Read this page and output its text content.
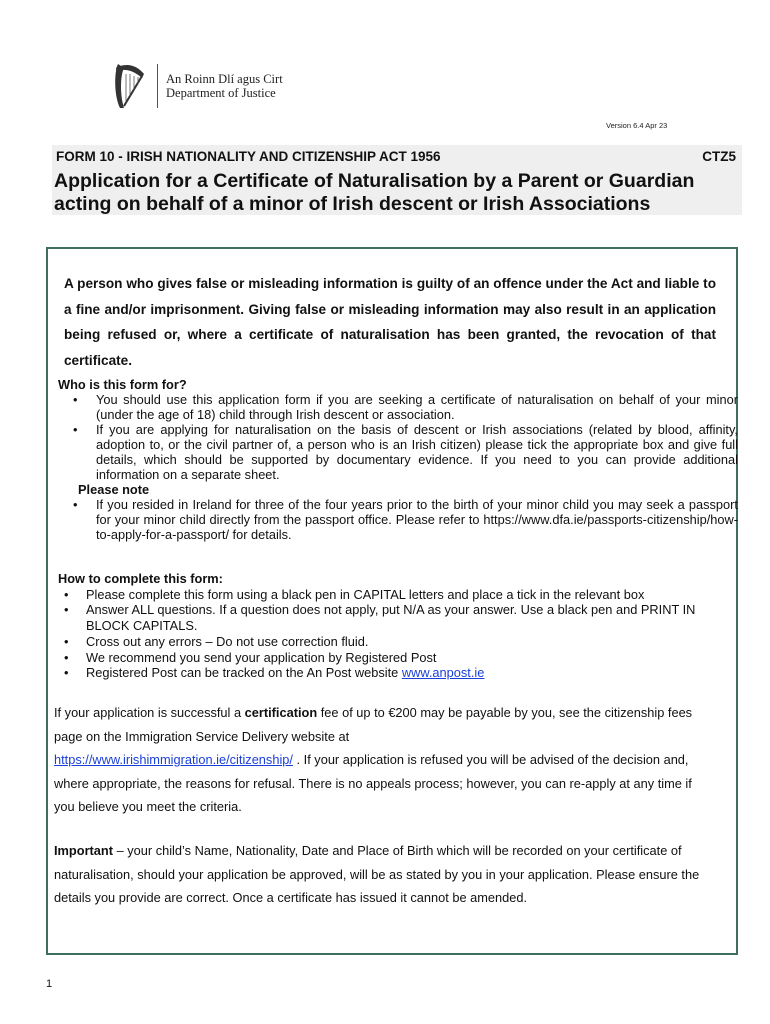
An Roinn Dlí agus Cirt
Department of Justice
Version 6.4 Apr 23
FORM 10 - IRISH NATIONALITY AND CITIZENSHIP ACT 1956	CTZ5
Application for a Certificate of Naturalisation by a Parent or Guardian acting on behalf of a minor of Irish descent or Irish Associations
A person who gives false or misleading information is guilty of an offence under the Act and liable to a fine and/or imprisonment. Giving false or misleading information may also result in an application being refused or, where a certificate of naturalisation has been granted, the revocation of that certificate.
Who is this form for?
• You should use this application form if you are seeking a certificate of naturalisation on behalf of your minor (under the age of 18) child through Irish descent or association.
• If you are applying for naturalisation on the basis of descent or Irish associations (related by blood, affinity, adoption to, or the civil partner of, a person who is an Irish citizen) please tick the appropriate box and give full details, which should be supported by documentary evidence. If you need to you can provide additional information on a separate sheet.
Please note
• If you resided in Ireland for three of the four years prior to the birth of your minor child you may seek a passport for your minor child directly from the passport office. Please refer to https://www.dfa.ie/passports-citizenship/how-to-apply-for-a-passport/ for details.
How to complete this form:
• Please complete this form using a black pen in CAPITAL letters and place a tick in the relevant box
• Answer ALL questions. If a question does not apply, put N/A as your answer. Use a black pen and PRINT IN BLOCK CAPITALS.
• Cross out any errors – Do not use correction fluid.
• We recommend you send your application by Registered Post
• Registered Post can be tracked on the An Post website www.anpost.ie
If your application is successful a certification fee of up to €200 may be payable by you, see the citizenship fees page on the Immigration Service Delivery website at
https://www.irishimmigration.ie/citizenship/ . If your application is refused you will be advised of the decision and, where appropriate, the reasons for refusal. There is no appeals process; however, you can re-apply at any time if you believe you meet the criteria.
Important – your child’s Name, Nationality, Date and Place of Birth which will be recorded on your certificate of naturalisation, should your application be approved, will be as stated by you in your application. Please ensure the details you provide are correct. Once a certificate has issued it cannot be amended.
1
